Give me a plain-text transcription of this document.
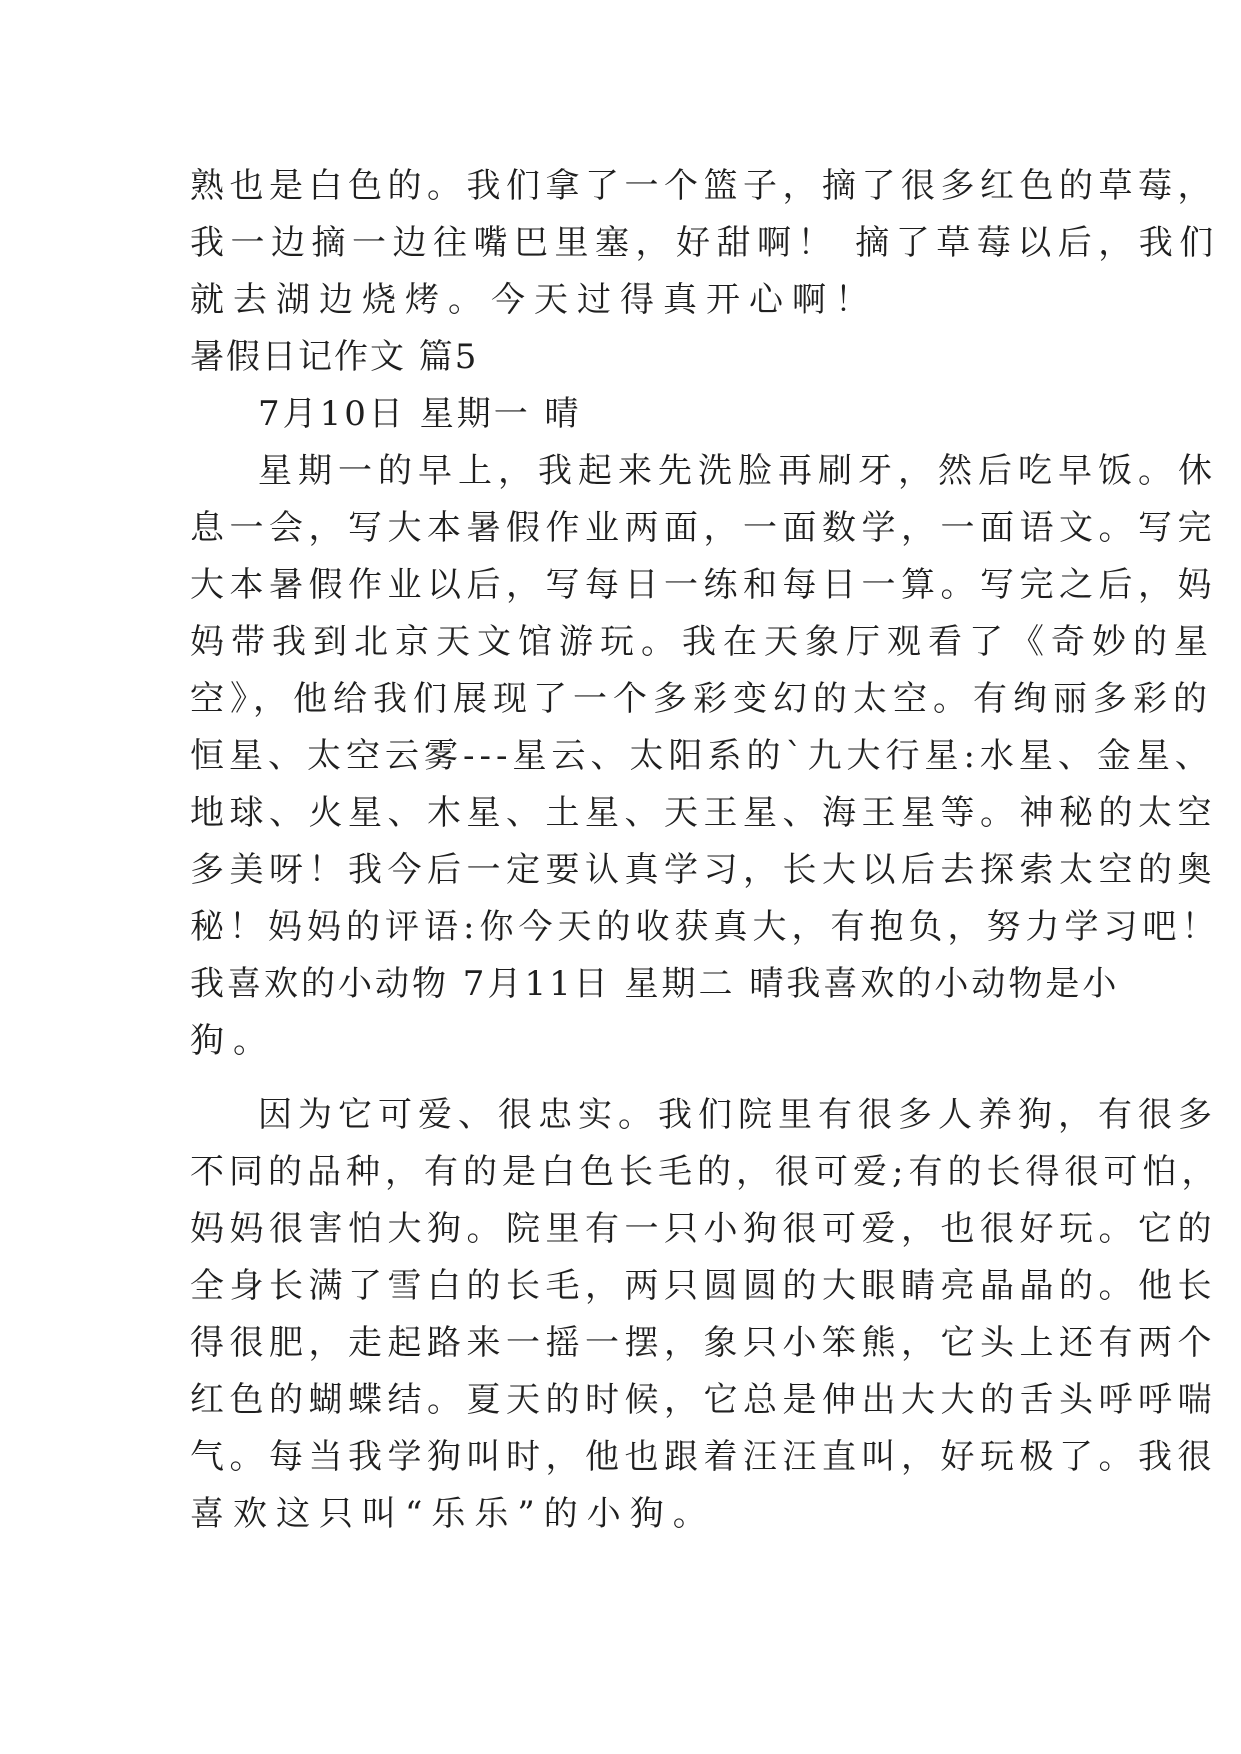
熟也是白色的。我们拿了一个篮子，摘了很多红色的草莓，

我一边摘一边往嘴巴里塞，好甜啊！ 摘了草莓以后，我们

就去湖边烧烤。今天过得真开心啊！

暑假日记作文 篇5

7月10日 星期一 晴

星期一的早上，我起来先洗脸再刷牙，然后吃早饭。休

息一会，写大本暑假作业两面，一面数学，一面语文。写完

大本暑假作业以后，写每日一练和每日一算。写完之后，妈

妈带我到北京天文馆游玩。我在天象厅观看了《奇妙的星

空》，他给我们展现了一个多彩变幻的太空。有绚丽多彩的

恒星、太空云雾---星云、太阳系的`九大行星:水星、金星、

地球、火星、木星、土星、天王星、海王星等。神秘的太空

多美呀！我今后一定要认真学习，长大以后去探索太空的奥

秘！妈妈的评语:你今天的收获真大，有抱负，努力学习吧！

我喜欢的小动物 7月11日 星期二 晴我喜欢的小动物是小

狗。

因为它可爱、很忠实。我们院里有很多人养狗，有很多

不同的品种，有的是白色长毛的，很可爱;有的长得很可怕，

妈妈很害怕大狗。院里有一只小狗很可爱，也很好玩。它的

全身长满了雪白的长毛，两只圆圆的大眼睛亮晶晶的。他长

得很肥，走起路来一摇一摆，象只小笨熊，它头上还有两个

红色的蝴蝶结。夏天的时候，它总是伸出大大的舌头呼呼喘

气。每当我学狗叫时，他也跟着汪汪直叫，好玩极了。我很

喜欢这只叫“乐乐”的小狗。
